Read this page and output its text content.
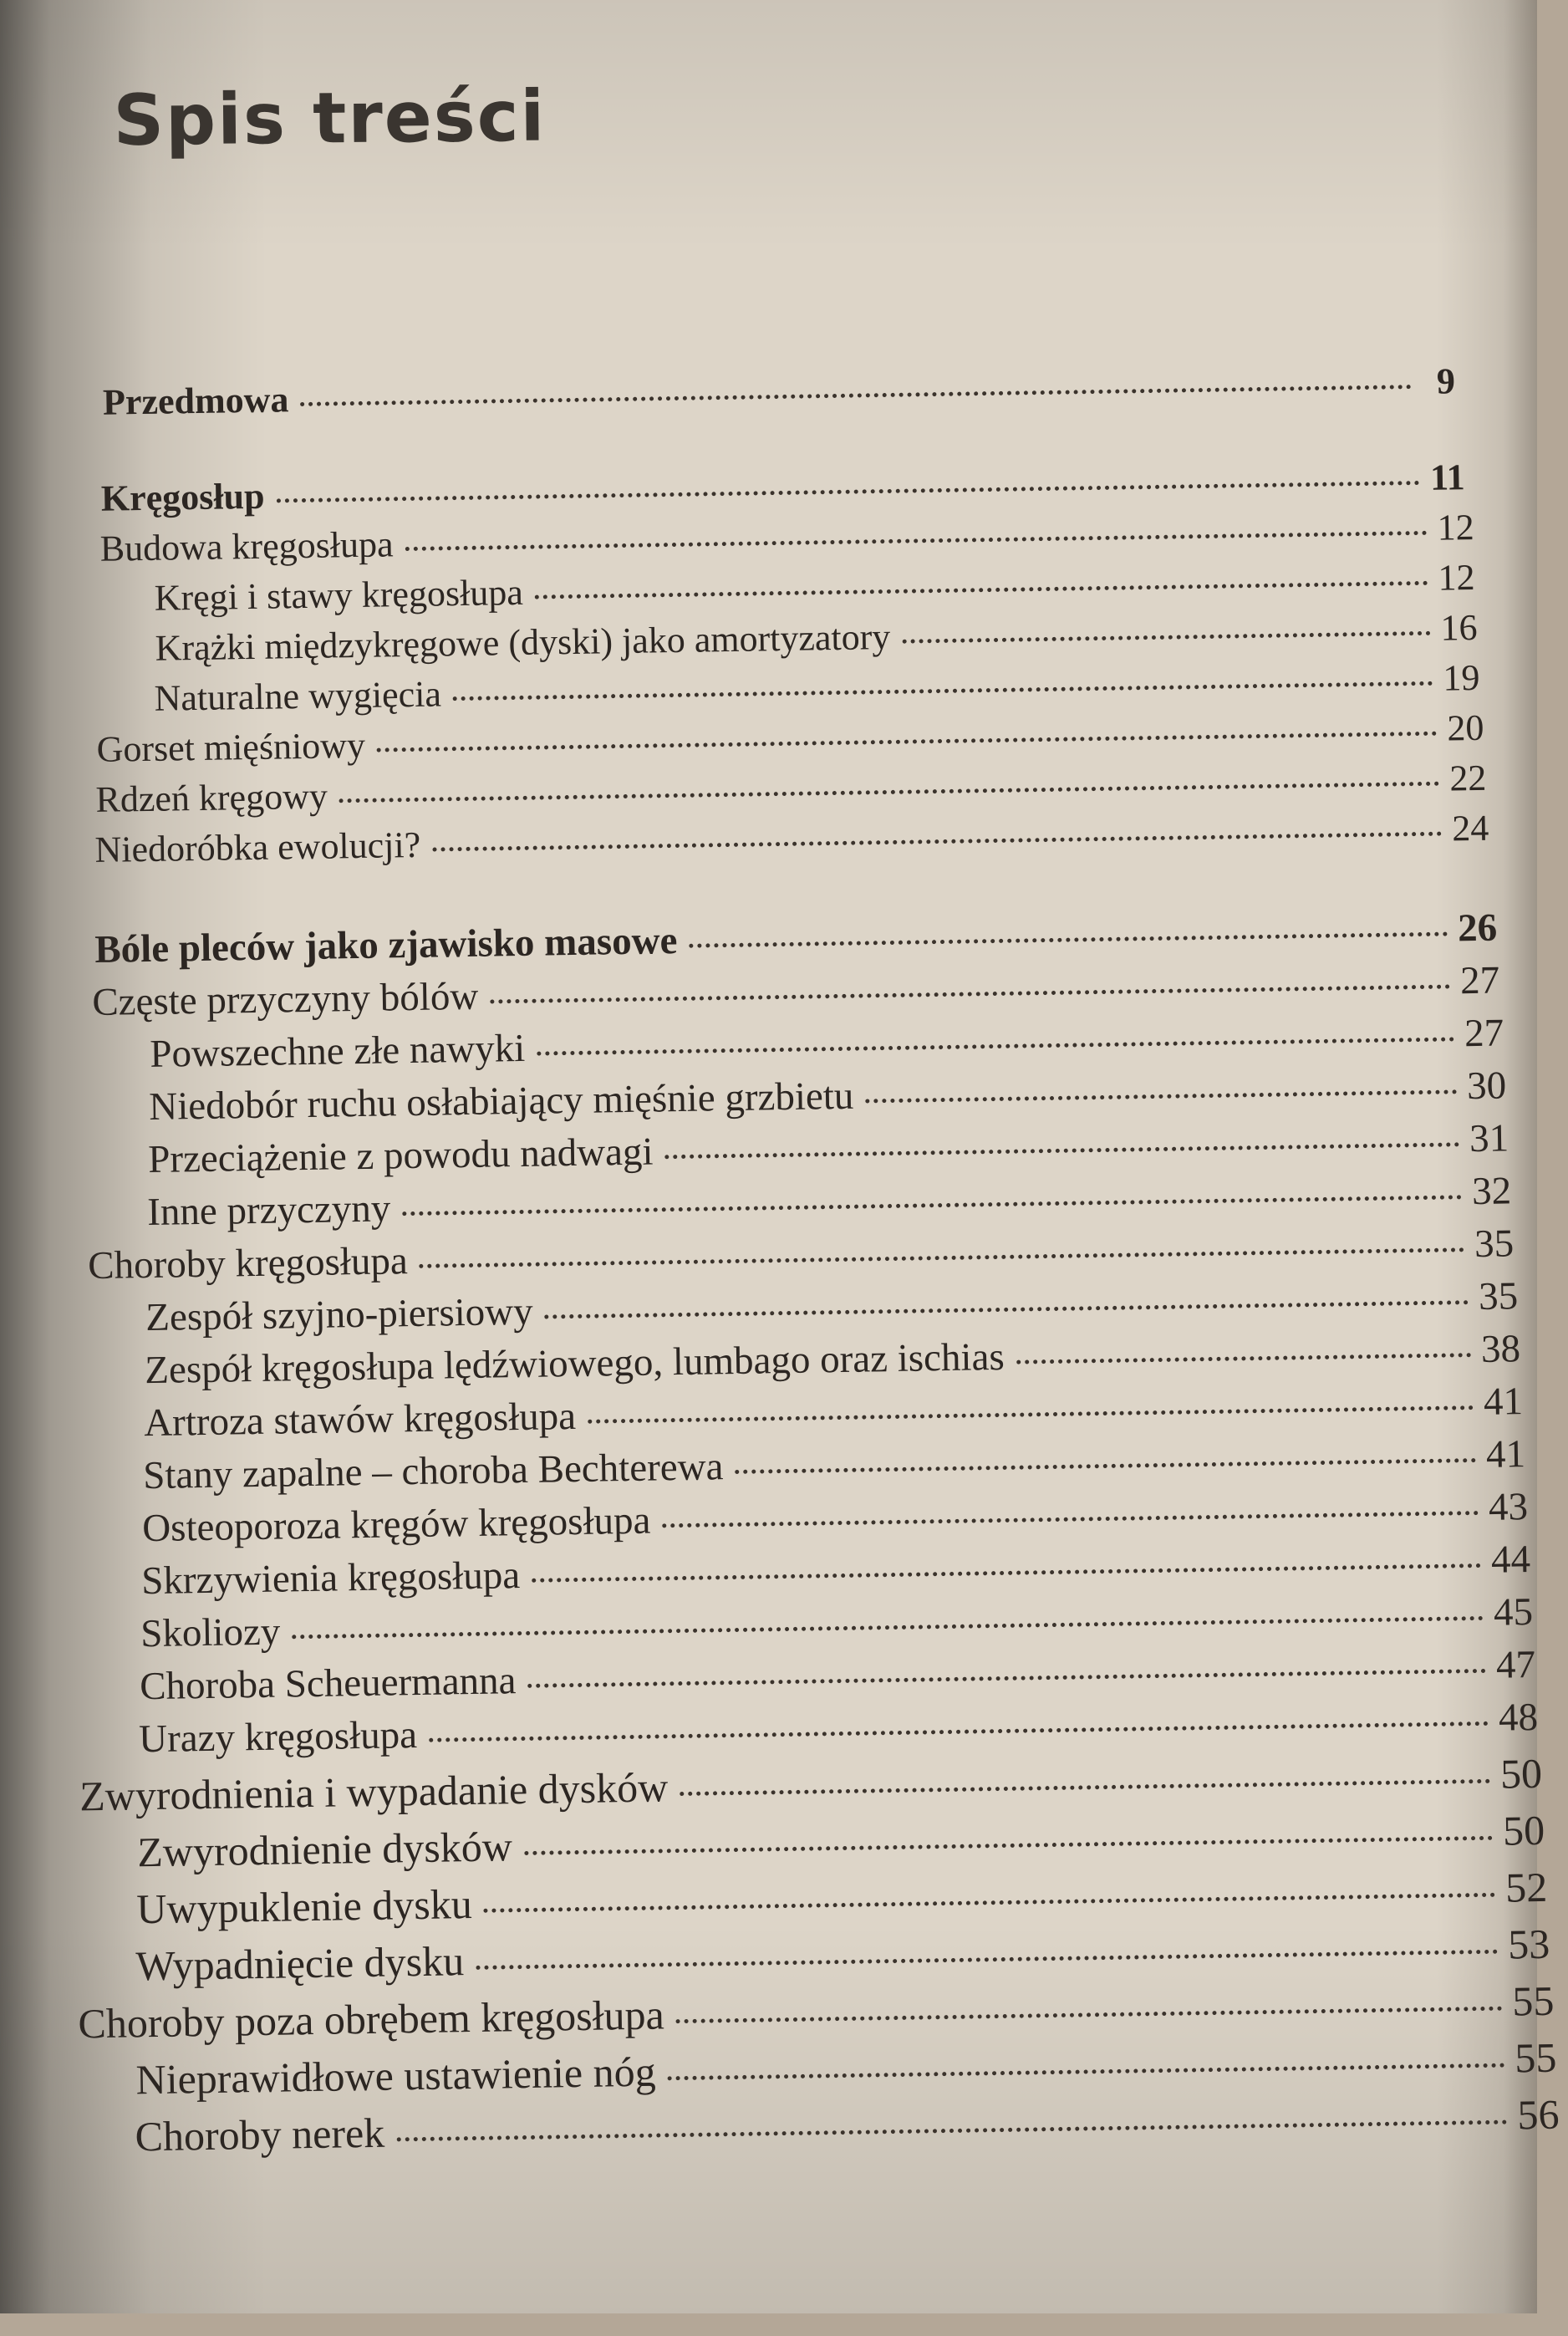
Spis treści
Przedmowa	9
Kręgosłup	11
Budowa kręgosłupa	12
Kręgi i stawy kręgosłupa	12
Krążki międzykręgowe (dyski) jako amortyzatory	16
Naturalne wygięcia	19
Gorset mięśniowy	20
Rdzeń kręgowy	22
Niedoróbka ewolucji?	24
Bóle pleców jako zjawisko masowe	26
Częste przyczyny bólów	27
Powszechne złe nawyki	27
Niedobór ruchu osłabiający mięśnie grzbietu	30
Przeciążenie z powodu nadwagi	31
Inne przyczyny	32
Choroby kręgosłupa	35
Zespół szyjno-piersiowy	35
Zespół kręgosłupa lędźwiowego, lumbago oraz ischias	38
Artroza stawów kręgosłupa	41
Stany zapalne – choroba Bechterewa	41
Osteoporoza kręgów kręgosłupa	43
Skrzywienia kręgosłupa	44
Skoliozy	45
Choroba Scheuermanna	47
Urazy kręgosłupa	48
Zwyrodnienia i wypadanie dysków	50
Zwyrodnienie dysków	50
Uwypuklenie dysku	52
Wypadnięcie dysku	53
Choroby poza obrębem kręgosłupa	55
Nieprawidłowe ustawienie nóg	55
Choroby nerek	56
